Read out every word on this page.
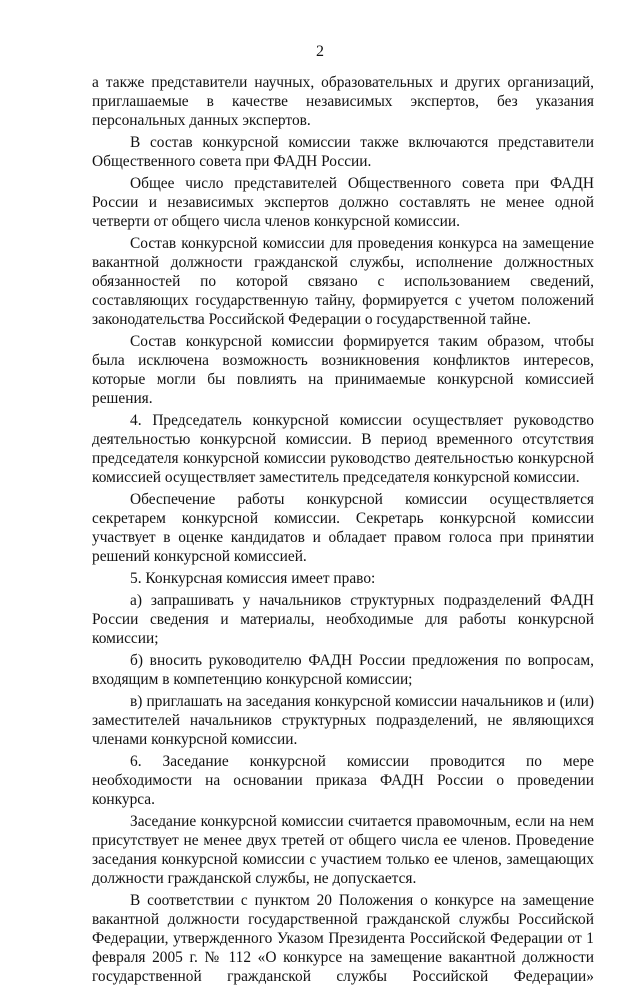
2

а также представители научных, образовательных и других организаций, приглашаемые в качестве независимых экспертов, без указания персональных данных экспертов.

В состав конкурсной комиссии также включаются представители Общественного совета при ФАДН России.

Общее число представителей Общественного совета при ФАДН России и независимых экспертов должно составлять не менее одной четверти от общего числа членов конкурсной комиссии.

Состав конкурсной комиссии для проведения конкурса на замещение вакантной должности гражданской службы, исполнение должностных обязанностей по которой связано с использованием сведений, составляющих государственную тайну, формируется с учетом положений законодательства Российской Федерации о государственной тайне.

Состав конкурсной комиссии формируется таким образом, чтобы была исключена возможность возникновения конфликтов интересов, которые могли бы повлиять на принимаемые конкурсной комиссией решения.

4. Председатель конкурсной комиссии осуществляет руководство деятельностью конкурсной комиссии. В период временного отсутствия председателя конкурсной комиссии руководство деятельностью конкурсной комиссией осуществляет заместитель председателя конкурсной комиссии.

Обеспечение работы конкурсной комиссии осуществляется секретарем конкурсной комиссии. Секретарь конкурсной комиссии участвует в оценке кандидатов и обладает правом голоса при принятии решений конкурсной комиссией.

5. Конкурсная комиссия имеет право:

а) запрашивать у начальников структурных подразделений ФАДН России сведения и материалы, необходимые для работы конкурсной комиссии;

б) вносить руководителю ФАДН России предложения по вопросам, входящим в компетенцию конкурсной комиссии;

в) приглашать на заседания конкурсной комиссии начальников и (или) заместителей начальников структурных подразделений, не являющихся членами конкурсной комиссии.

6. Заседание конкурсной комиссии проводится по мере необходимости на основании приказа ФАДН России о проведении конкурса.

Заседание конкурсной комиссии считается правомочным, если на нем присутствует не менее двух третей от общего числа ее членов. Проведение заседания конкурсной комиссии с участием только ее членов, замещающих должности гражданской службы, не допускается.

В соответствии с пунктом 20 Положения о конкурсе на замещение вакантной должности государственной гражданской службы Российской Федерации, утвержденного Указом Президента Российской Федерации от 1 февраля 2005 г. № 112 «О конкурсе на замещение вакантной должности государственной гражданской службы Российской Федерации»
